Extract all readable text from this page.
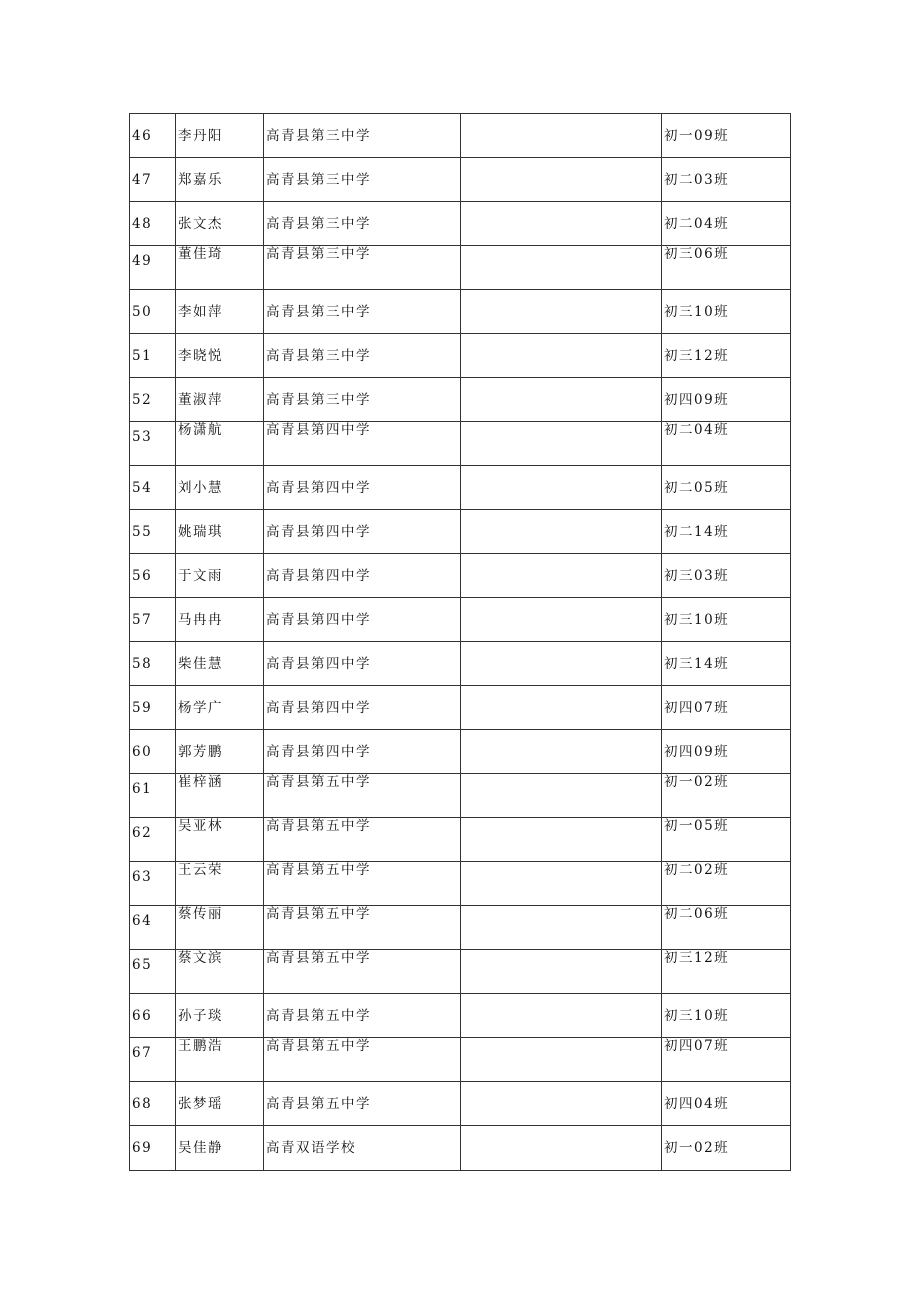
46	李丹阳	高青县第三中学		初一09班
47	郑嘉乐	高青县第三中学		初二03班
48	张文杰	高青县第三中学		初二04班
49	董佳琦	高青县第三中学		初三06班
50	李如萍	高青县第三中学		初三10班
51	李晓悦	高青县第三中学		初三12班
52	董淑萍	高青县第三中学		初四09班
53	杨潇航	高青县第四中学		初二04班
54	刘小慧	高青县第四中学		初二05班
55	姚瑞琪	高青县第四中学		初二14班
56	于文雨	高青县第四中学		初三03班
57	马冉冉	高青县第四中学		初三10班
58	柴佳慧	高青县第四中学		初三14班
59	杨学广	高青县第四中学		初四07班
60	郭芳鹏	高青县第四中学		初四09班
61	崔梓涵	高青县第五中学		初一02班
62	吴亚林	高青县第五中学		初一05班
63	王云荣	高青县第五中学		初二02班
64	蔡传丽	高青县第五中学		初二06班
65	蔡文滨	高青县第五中学		初三12班
66	孙子琰	高青县第五中学		初三10班
67	王鹏浩	高青县第五中学		初四07班
68	张梦瑶	高青县第五中学		初四04班
69	吴佳静	高青双语学校		初一02班
